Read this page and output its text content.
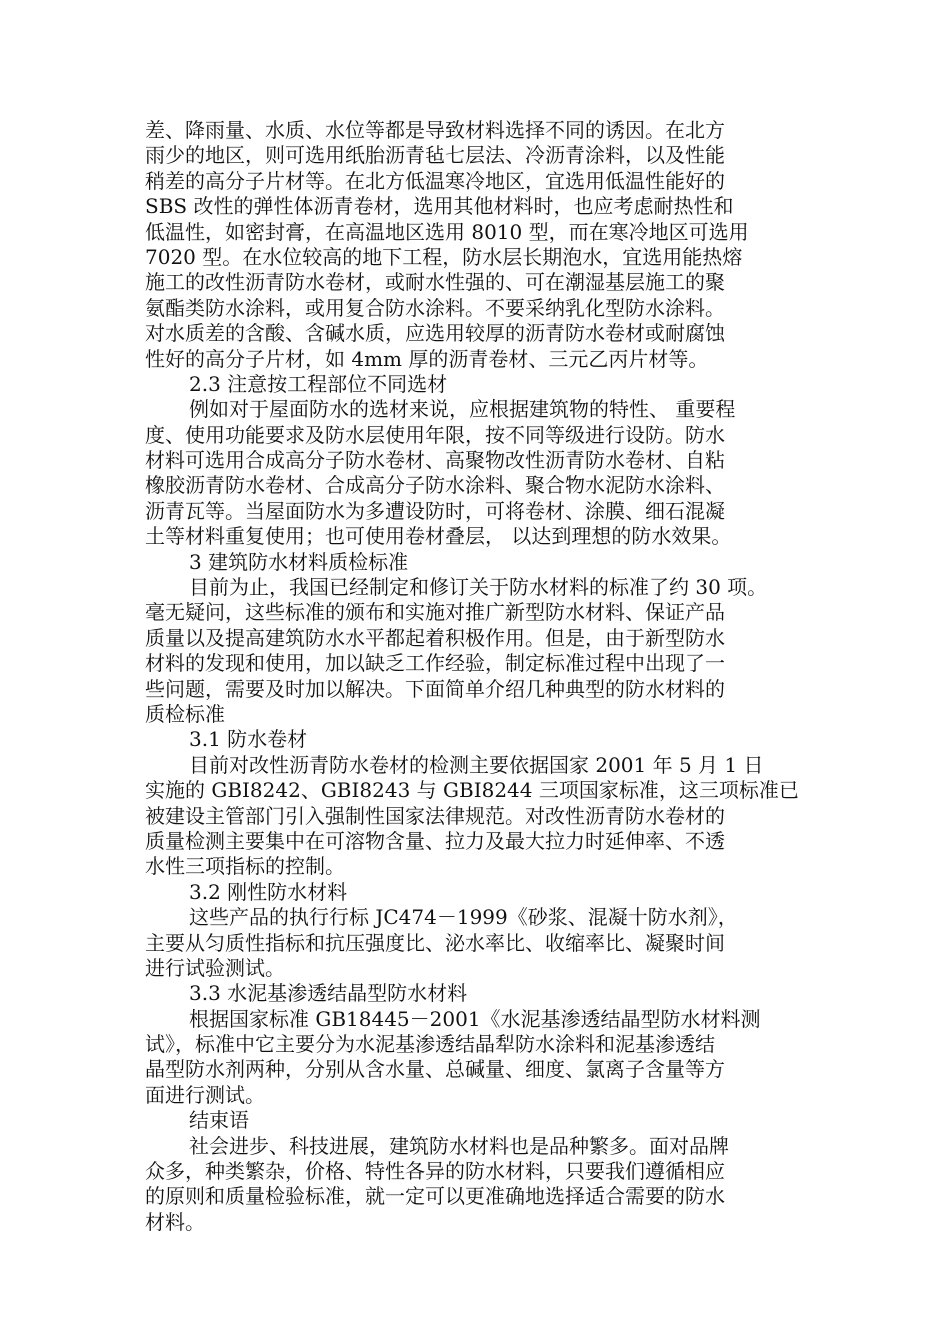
差、降雨量、水质、水位等都是导致材料选择不同的诱因。在北方
雨少的地区，则可选用纸胎沥青毡七层法、冷沥青涂料，以及性能
稍差的高分子片材等。在北方低温寒冷地区，宜选用低温性能好的
SBS 改性的弹性体沥青卷材，选用其他材料时，也应考虑耐热性和
低温性，如密封膏，在高温地区选用 8010 型，而在寒冷地区可选用
7020 型。在水位较高的地下工程，防水层长期泡水，宜选用能热熔
施工的改性沥青防水卷材，或耐水性强的、可在潮湿基层施工的聚
氨酯类防水涂料，或用复合防水涂料。不要采纳乳化型防水涂料。
对水质差的含酸、含碱水质，应选用较厚的沥青防水卷材或耐腐蚀
性好的高分子片材，如 4mm 厚的沥青卷材、三元乙丙片材等。
2.3 注意按工程部位不同选材
例如对于屋面防水的选材来说，应根据建筑物的特性、 重要程
度、使用功能要求及防水层使用年限，按不同等级进行设防。防水
材料可选用合成高分子防水卷材、高聚物改性沥青防水卷材、自粘
橡胶沥青防水卷材、合成高分子防水涂料、聚合物水泥防水涂料、
沥青瓦等。当屋面防水为多遭设防时，可将卷材、涂膜、细石混凝
土等材料重复使用；也可使用卷材叠层， 以达到理想的防水效果。
3 建筑防水材料质检标准
目前为止，我国已经制定和修订关于防水材料的标准了约 30 项。
毫无疑问，这些标准的颁布和实施对推广新型防水材料、保证产品
质量以及提高建筑防水水平都起着积极作用。但是，由于新型防水
材料的发现和使用，加以缺乏工作经验，制定标准过程中出现了一
些问题，需要及时加以解决。下面简单介绍几种典型的防水材料的
质检标准
3.1 防水卷材
目前对改性沥青防水卷材的检测主要依据国家 2001 年 5 月 1 日
实施的 GBI8242、GBI8243 与 GBI8244 三项国家标准，这三项标准已
被建设主管部门引入强制性国家法律规范。对改性沥青防水卷材的
质量检测主要集中在可溶物含量、拉力及最大拉力时延伸率、不透
水性三项指标的控制。
3.2 刚性防水材料
这些产品的执行行标 JC474－1999《砂浆、混凝十防水剂》，
主要从匀质性指标和抗压强度比、泌水率比、收缩率比、凝聚时间
进行试验测试。
3.3 水泥基渗透结晶型防水材料
根据国家标准 GB18445－2001《水泥基渗透结晶型防水材料测
试》，标准中它主要分为水泥基渗透结晶犁防水涂料和泥基渗透结
晶型防水剂两种，分别从含水量、总碱量、细度、氯离子含量等方
面进行测试。
结束语
社会进步、科技进展，建筑防水材料也是品种繁多。面对品牌
众多，种类繁杂，价格、特性各异的防水材料，只要我们遵循相应
的原则和质量检验标准，就一定可以更准确地选择适合需要的防水
材料。
